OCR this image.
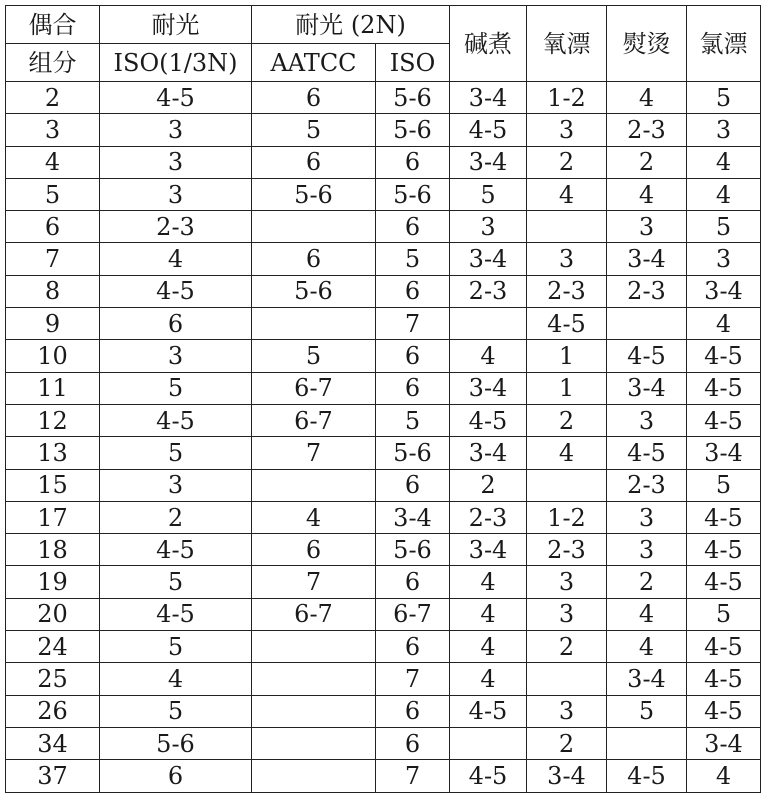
偶合	耐光	耐光 (2N)		碱煮	氧漂	熨烫	氯漂
组分	ISO(1/3N)	AATCC	ISO				
2	4-5	6	5-6	3-4	1-2	4	5
3	3	5	5-6	4-5	3	2-3	3
4	3	6	6	3-4	2	2	4
5	3	5-6	5-6	5	4	4	4
6	2-3		6	3		3	5
7	4	6	5	3-4	3	3-4	3
8	4-5	5-6	6	2-3	2-3	2-3	3-4
9	6		7		4-5		4
10	3	5	6	4	1	4-5	4-5
11	5	6-7	6	3-4	1	3-4	4-5
12	4-5	6-7	5	4-5	2	3	4-5
13	5	7	5-6	3-4	4	4-5	3-4
15	3		6	2		2-3	5
17	2	4	3-4	2-3	1-2	3	4-5
18	4-5	6	5-6	3-4	2-3	3	4-5
19	5	7	6	4	3	2	4-5
20	4-5	6-7	6-7	4	3	4	5
24	5		6	4	2	4	4-5
25	4		7	4		3-4	4-5
26	5		6	4-5	3	5	4-5
34	5-6		6		2		3-4
37	6		7	4-5	3-4	4-5	4
